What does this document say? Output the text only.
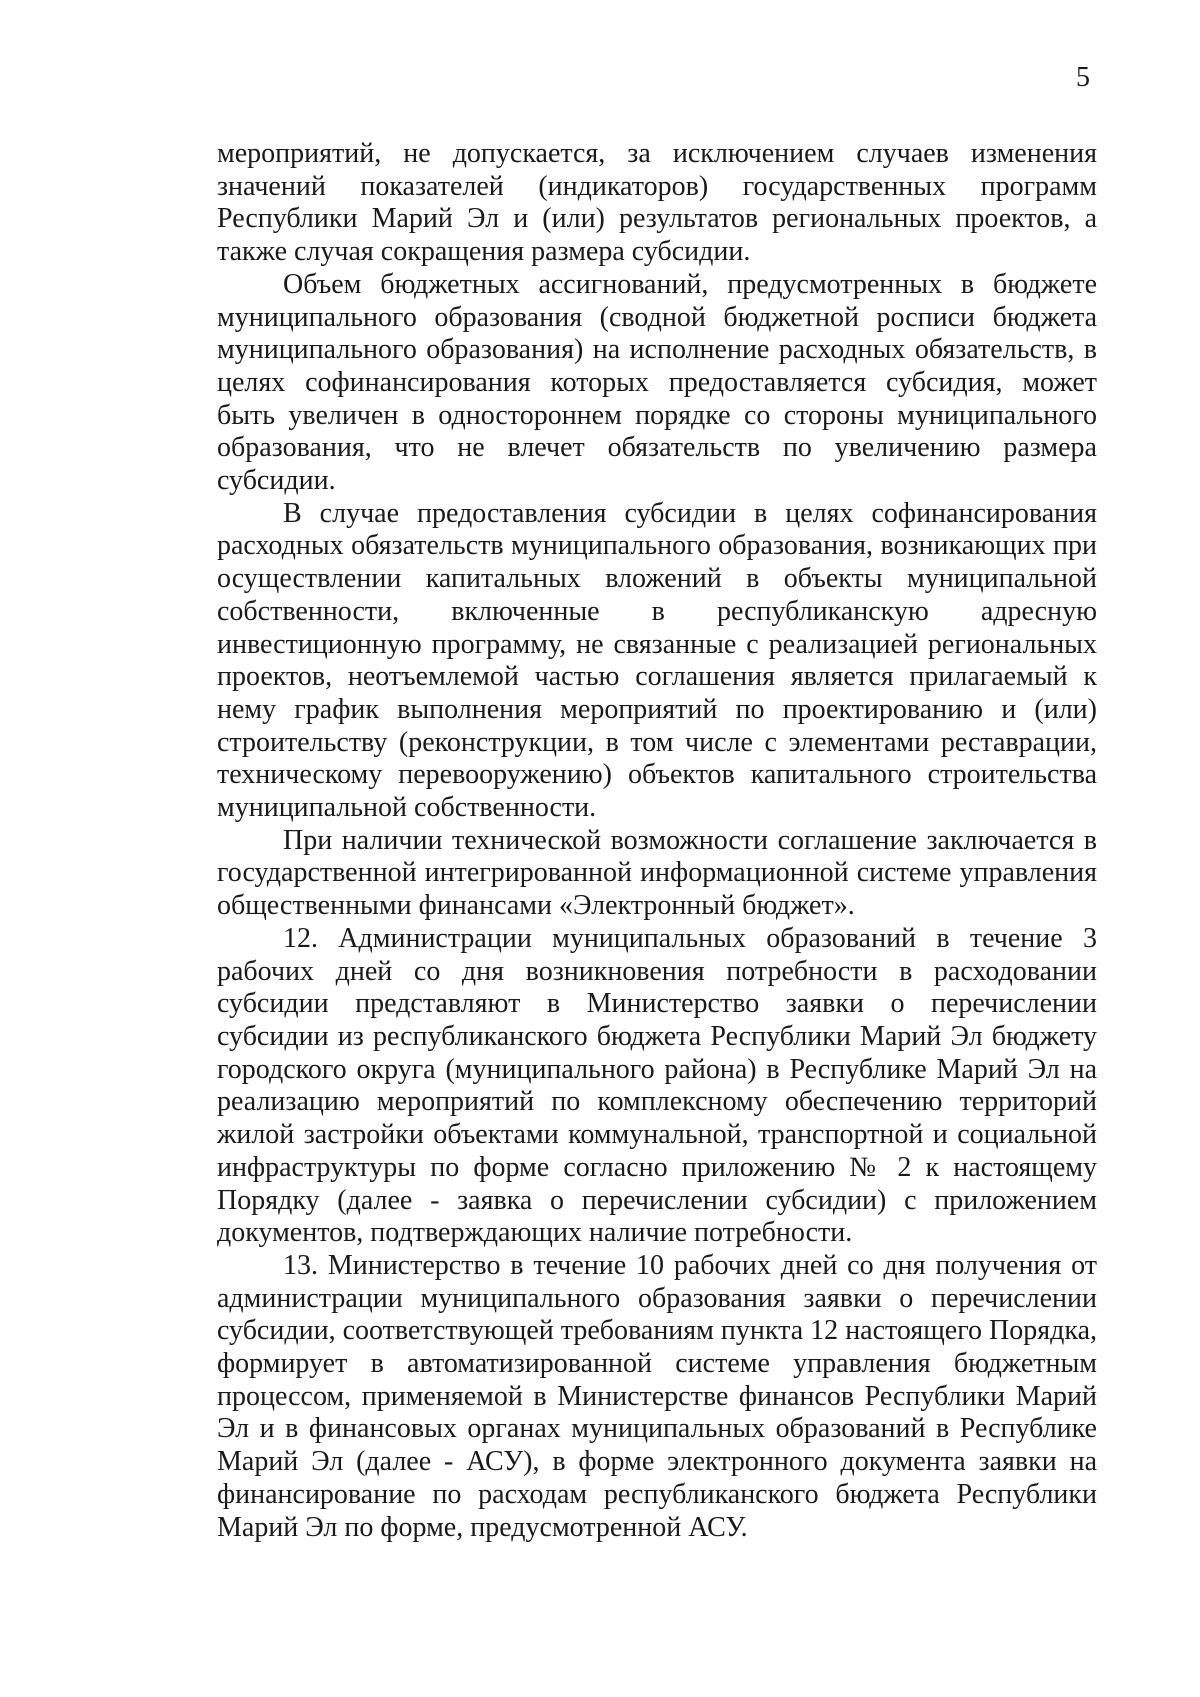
5

мероприятий, не допускается, за исключением случаев изменения значений показателей (индикаторов) государственных программ Республики Марий Эл и (или) результатов региональных проектов, а также случая сокращения размера субсидии.

Объем бюджетных ассигнований, предусмотренных в бюджете муниципального образования (сводной бюджетной росписи бюджета муниципального образования) на исполнение расходных обязательств, в целях софинансирования которых предоставляется субсидия, может быть увеличен в одностороннем порядке со стороны муниципального образования, что не влечет обязательств по увеличению размера субсидии.

В случае предоставления субсидии в целях софинансирования расходных обязательств муниципального образования, возникающих при осуществлении капитальных вложений в объекты муниципальной собственности, включенные в республиканскую адресную инвестиционную программу, не связанные с реализацией региональных проектов, неотъемлемой частью соглашения является прилагаемый к нему график выполнения мероприятий по проектированию и (или) строительству (реконструкции, в том числе с элементами реставрации, техническому перевооружению) объектов капитального строительства муниципальной собственности.

При наличии технической возможности соглашение заключается в государственной интегрированной информационной системе управления общественными финансами «Электронный бюджет».

12. Администрации муниципальных образований в течение 3 рабочих дней со дня возникновения потребности в расходовании субсидии представляют в Министерство заявки о перечислении субсидии из республиканского бюджета Республики Марий Эл бюджету городского округа (муниципального района) в Республике Марий Эл на реализацию мероприятий по комплексному обеспечению территорий жилой застройки объектами коммунальной, транспортной и социальной инфраструктуры по форме согласно приложению № 2 к настоящему Порядку (далее - заявка о перечислении субсидии) с приложением документов, подтверждающих наличие потребности.

13. Министерство в течение 10 рабочих дней со дня получения от администрации муниципального образования заявки о перечислении субсидии, соответствующей требованиям пункта 12 настоящего Порядка, формирует в автоматизированной системе управления бюджетным процессом, применяемой в Министерстве финансов Республики Марий Эл и в финансовых органах муниципальных образований в Республике Марий Эл (далее - АСУ), в форме электронного документа заявки на финансирование по расходам республиканского бюджета Республики Марий Эл по форме, предусмотренной АСУ.
